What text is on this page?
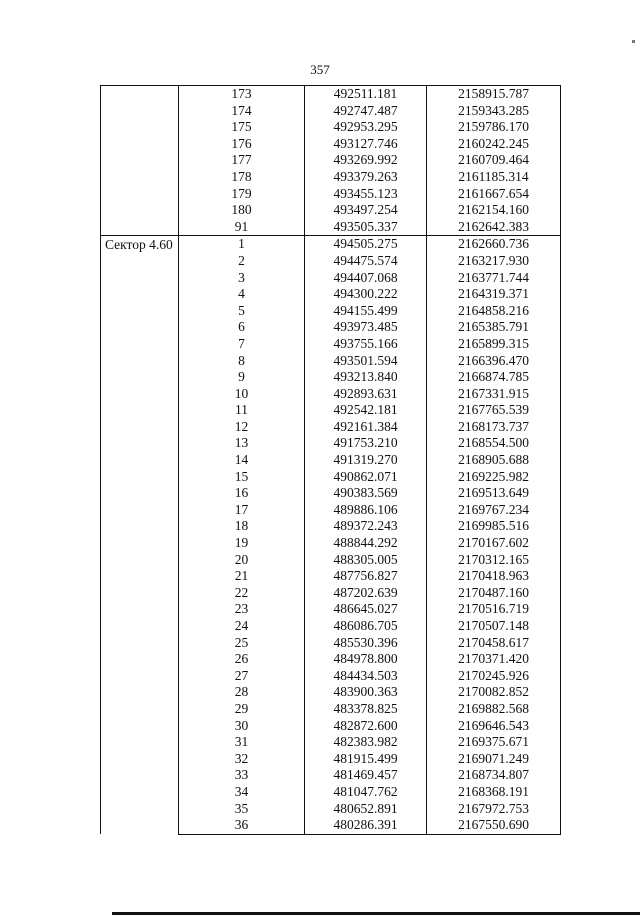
357
	173	492511.181	2158915.787
	174	492747.487	2159343.285
	175	492953.295	2159786.170
	176	493127.746	2160242.245
	177	493269.992	2160709.464
	178	493379.263	2161185.314
	179	493455.123	2161667.654
	180	493497.254	2162154.160
	91	493505.337	2162642.383
Сектор 4.60	1	494505.275	2162660.736
	2	494475.574	2163217.930
	3	494407.068	2163771.744
	4	494300.222	2164319.371
	5	494155.499	2164858.216
	6	493973.485	2165385.791
	7	493755.166	2165899.315
	8	493501.594	2166396.470
	9	493213.840	2166874.785
	10	492893.631	2167331.915
	11	492542.181	2167765.539
	12	492161.384	2168173.737
	13	491753.210	2168554.500
	14	491319.270	2168905.688
	15	490862.071	2169225.982
	16	490383.569	2169513.649
	17	489886.106	2169767.234
	18	489372.243	2169985.516
	19	488844.292	2170167.602
	20	488305.005	2170312.165
	21	487756.827	2170418.963
	22	487202.639	2170487.160
	23	486645.027	2170516.719
	24	486086.705	2170507.148
	25	485530.396	2170458.617
	26	484978.800	2170371.420
	27	484434.503	2170245.926
	28	483900.363	2170082.852
	29	483378.825	2169882.568
	30	482872.600	2169646.543
	31	482383.982	2169375.671
	32	481915.499	2169071.249
	33	481469.457	2168734.807
	34	481047.762	2168368.191
	35	480652.891	2167972.753
	36	480286.391	2167550.690
